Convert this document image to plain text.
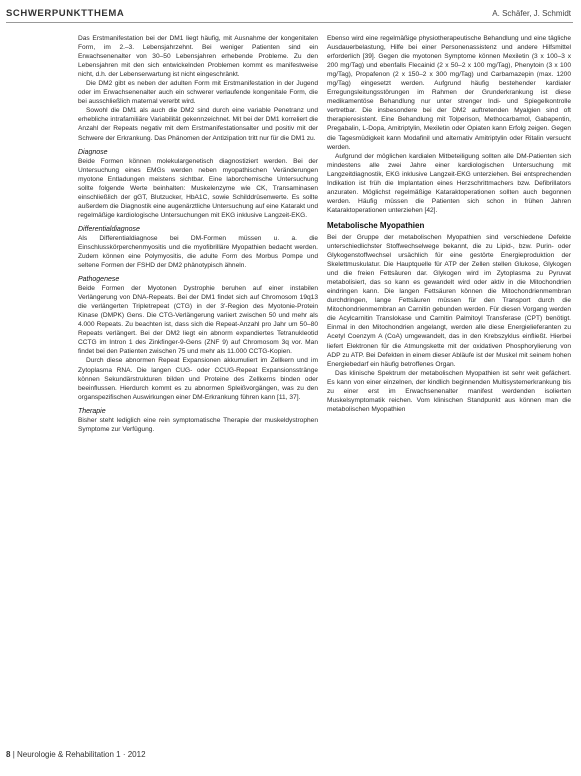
SCHWERPUNKTTHEMA	A. Schäfer, J. Schmidt

Das Erstmanifestation bei der DM1 liegt häufig, mit Ausnahme der kongenitalen Form, im 2.–3. Lebensjahrzehnt. Bei weniger Patienten sind ein Erwachsenenalter von 30–50 Lebensjahren erhebende Probleme. Zu den Lebensjahren mit den sich entwickelnden Problemen kommt es manifestweise nicht, d.h. der Lebenserwartung ist nicht eingeschränkt.

Die DM2 gibt es neben der adulten Form mit Erstmanifestation in der Jugend oder im Erwachsenenalter auch ein schwerer verlaufende kongenitale Form, die bei ausschließlich maternal vererbt wird.

Sowohl die DM1 als auch die DM2 sind durch eine variable Penetranz und erhebliche intrafamiliäre Variabilität gekennzeichnet. Mit bei der DM1 korreliert die Anzahl der Repeats negativ mit dem Erstmanifestationsalter und positiv mit der Schwere der Erkrankung. Das Phänomen der Antizipation tritt nur für die DM1 zu.

Diagnose

Beide Formen können molekulargenetisch diagnostiziert werden. Bei der Untersuchung eines EMGs werden neben myopathischen Veränderungen myotone Entladungen meistens sichtbar. Eine laborchemische Untersuchung sollte folgende Werte beinhalten: Muskelenzyme wie CK, Transaminasen einschließlich der gGT, Blutzucker, HbA1C, sowie Schilddrüsenwerte. Es sollte außerdem die Diagnostik eine augenärztliche Untersuchung auf eine Katarakt und regelmäßige kardiologische Untersuchungen mit EKG inklusive Langzeit-EKG.

Differentialdiagnose

Als Differentialdiagnose bei DM-Formen müssen u. a. die Einschlusskörperchenmyositis und die myofibrilläre Myopathien bedacht werden. Zudem können eine Polymyositis, die adulte Form des Morbus Pompe und seltene Formen der FSHD der DM2 phänotypisch ähneln.

Pathogenese

Beide Formen der Myotonen Dystrophie beruhen auf einer instabilen Verlängerung von DNA-Repeats. Bei der DM1 findet sich auf Chromosom 19q13 die verlängerten Tripletrepeat (CTG) in der 3'-Region des Myotonie-Protein Kinase (DMPK) Gens. Die CTG-Verlängerung variiert zwischen 50 und mehr als 4.000 Repeats. Zu beachten ist, dass sich die Repeat-Anzahl pro Jahr um 50–80 Repeats verlängert. Bei der DM2 liegt ein abnorm expandiertes Tetranukleotid CCTG im Intron 1 des Zinkfinger-9-Gens (ZNF 9) auf Chromosom 3q vor. Man findet bei den Patienten zwischen 75 und mehr als 11.000 CCTG-Kopien.

Durch diese abnormen Repeat Expansionen akkumuliert im Zellkern und im Zytoplasma RNA. Die langen CUG- oder CCUG-Repeat Expansionsstränge können Sekundärstrukturen bilden und Proteine des Zellkerns binden oder beeinflussen. Hierdurch kommt es zu abnormen Spleißvorgängen, was zu den organspezifischen Auswirkungen einer DM-Erkrankung führen kann [11, 37].

Therapie

Bisher steht lediglich eine rein symptomatische Therapie der muskeldystrophen Symptome zur Verfügung.

Ebenso wird eine regelmäßige physiotherapeutische Behandlung und eine tägliche Ausdauerbelastung, Hilfe bei einer Personenassistenz und andere Hilfsmittel erforderlich [39]. Gegen die myotonen Symptome können Mexiletin (3 x 100–3 x 200 mg/Tag) und ebenfalls Flecainid (2 x 50–2 x 100 mg/Tag), Phenytoin (3 x 100 mg/Tag), Propafenon (2 x 150–2 x 300 mg/Tag) und Carbamazepin (max. 1200 mg/Tag) eingesetzt werden. Aufgrund häufig bestehender kardialer Erregungsleitungsstörungen im Rahmen der Grunderkrankung ist diese medikamentöse Behandlung nur unter strenger Indi- und Spiegelkontrolle vertretbar. Die insbesondere bei der DM2 auftretenden Myalgien sind oft therapieresistent. Eine Behandlung mit Tolperison, Methocarbamol, Gabapentin, Pregabalin, L-Dopa, Amitriptylin, Mexiletin oder Opiaten kann Erfolg zeigen. Gegen die Tagesmüdigkeit kann Modafinil und alternativ Amitriptylin oder Ritalin versucht werden.

Aufgrund der möglichen kardialen Mitbeteiligung sollten alle DM-Patienten sich mindestens alle zwei Jahre einer kardiologischen Untersuchung mit Langzeitdiagnostik, EKG inklusive Langzeit-EKG unterziehen. Bei entsprechenden Indikation ist früh die Implantation eines Herzschrittmachers bzw. Defibrillators anzuraten. Möglichst regelmäßige Kataraktoperationen sollten auch begonnen werden. Häufig müssen die Patienten sich schon in frühen Jahren Kataraktoperationen unterziehen [42].

Metabolische Myopathien

Bei der Gruppe der metabolischen Myopathien sind verschiedene Defekte unterschiedlichster Stoffwechselwege bekannt, die zu Lipid-, bzw. Purin- oder Glykogenstoffwechsel ursächlich für eine gestörte Energieproduktion der Skelettmuskulatur. Die Hauptquelle für ATP der Zellen stellen Glukose, Glykogen und die freien Fettsäuren dar. Glykogen wird im Zytoplasma zu Pyruvat metabolisiert, das so kann es gewandelt wird oder aktiv in die Mitochondrien eindringen kann. Die langen Fettsäuren können die Mitochondrienmembran durchdringen, lange Fettsäuren müssen für den Transport durch die Mitochondrienmembran an Carnitin gebunden werden. Für diesen Vorgang werden die Acylcarnitin Translokase und Carnitin Palmitoyl Transferase (CPT) benötigt. Einmal in den Mitochondrien angelangt, werden alle diese Energielieferanten zu Acetyl Coenzym A (CoA) umgewandelt, das in den Krebszyklus einfließt. Hierbei liefert Elektronen für die Atmungskette mit der oxidativen Phosphorylierung von ADP zu ATP. Bei Defekten in einem dieser Abläufe ist der Muskel mit seinem hohen Energiebedarf ein häufig betroffenes Organ.

Das klinische Spektrum der metabolischen Myopathien ist sehr weit gefächert. Es kann von einer einzelnen, der kindlich beginnenden Multisystemerkrankung bis zu einer erst im Erwachsenenalter manifest werdenden isolierten Muskelsymptomatik reichen. Vom klinischen Standpunkt aus können man die metabolischen Myopathien

8 | Neurologie & Rehabilitation 1 · 2012
